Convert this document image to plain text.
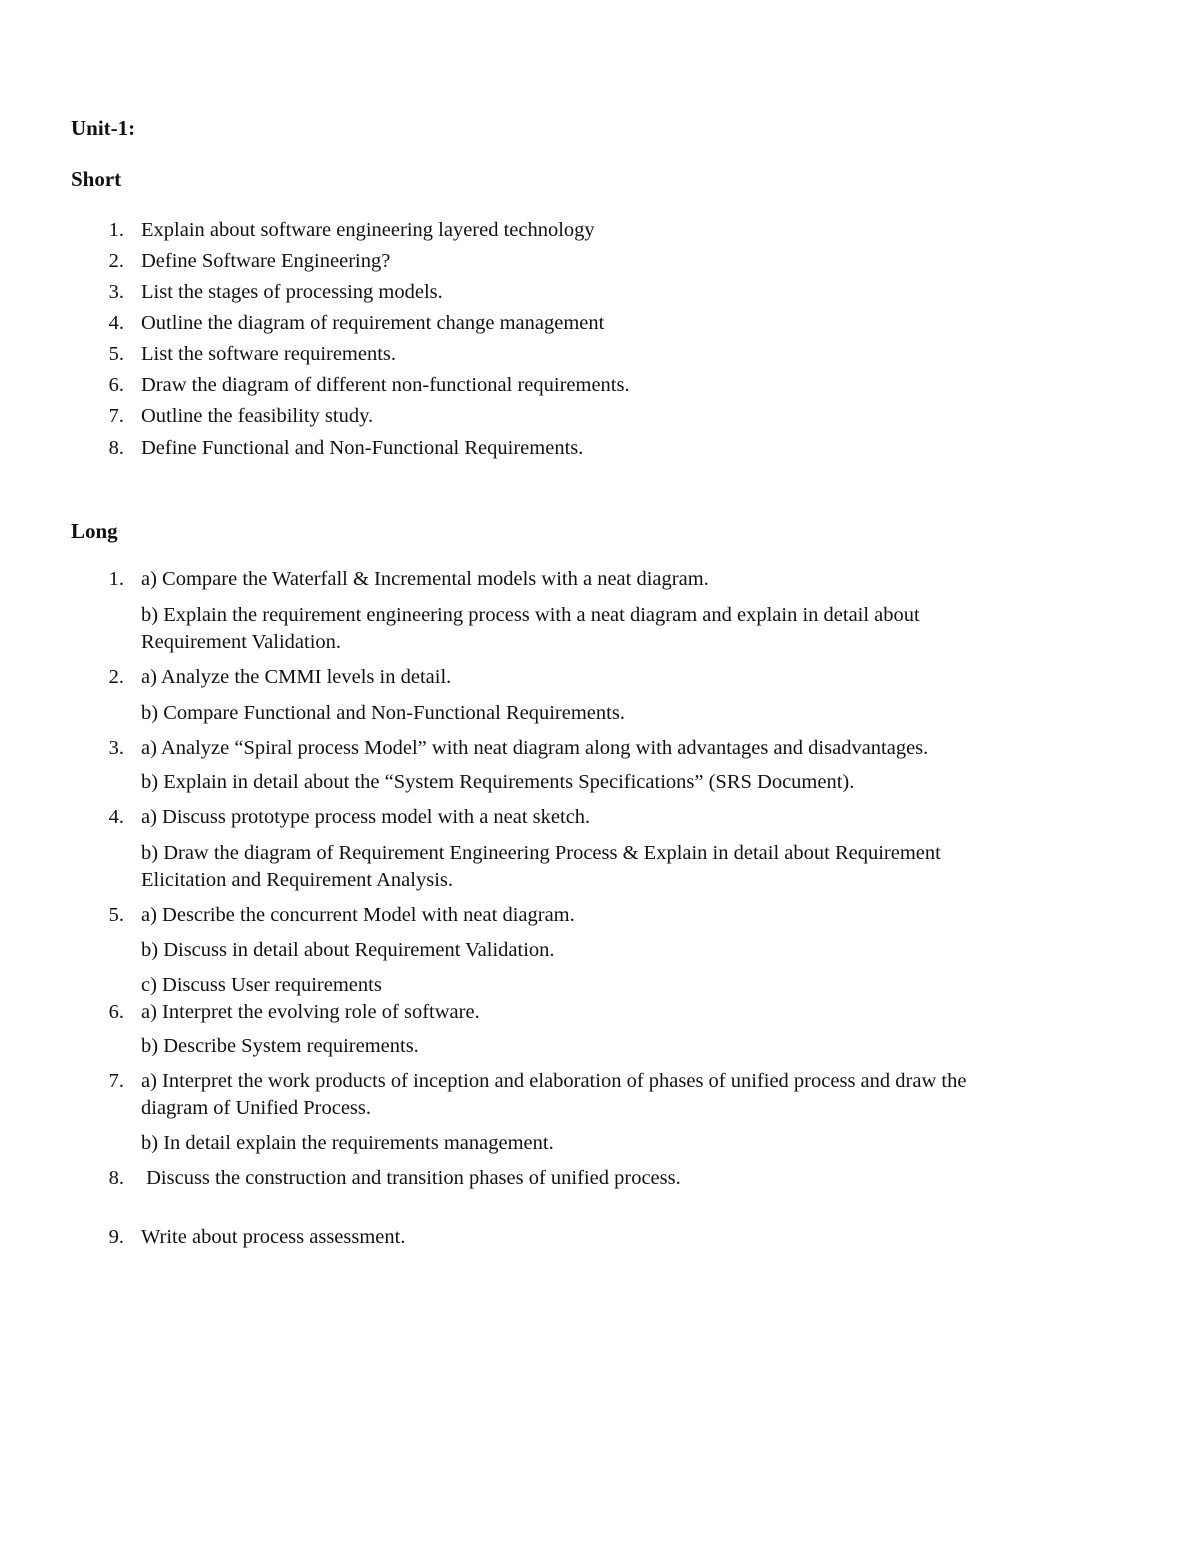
Unit-1:
Short
1. Explain about software engineering layered technology
2. Define Software Engineering?
3. List the stages of processing models.
4. Outline the diagram of requirement change management
5. List the software requirements.
6. Draw the diagram of different non-functional requirements.
7. Outline the feasibility study.
8. Define Functional and Non-Functional Requirements.
Long
1. a) Compare the Waterfall & Incremental models with a neat diagram.
b) Explain the requirement engineering process with a neat diagram and explain in detail about
Requirement Validation.
2. a) Analyze the CMMI levels in detail.
b) Compare Functional and Non-Functional Requirements.
3. a) Analyze “Spiral process Model” with neat diagram along with advantages and disadvantages.
b) Explain in detail about the “System Requirements Specifications” (SRS Document).
4. a) Discuss prototype process model with a neat sketch.
b) Draw the diagram of Requirement Engineering Process & Explain in detail about Requirement
Elicitation and Requirement Analysis.
5. a) Describe the concurrent Model with neat diagram.
b) Discuss in detail about Requirement Validation.
c) Discuss User requirements
6. a) Interpret the evolving role of software.
b) Describe System requirements.
7. a) Interpret the work products of inception and elaboration of phases of unified process and draw the
diagram of Unified Process.
b) In detail explain the requirements management.
8. Discuss the construction and transition phases of unified process.
9. Write about process assessment.
